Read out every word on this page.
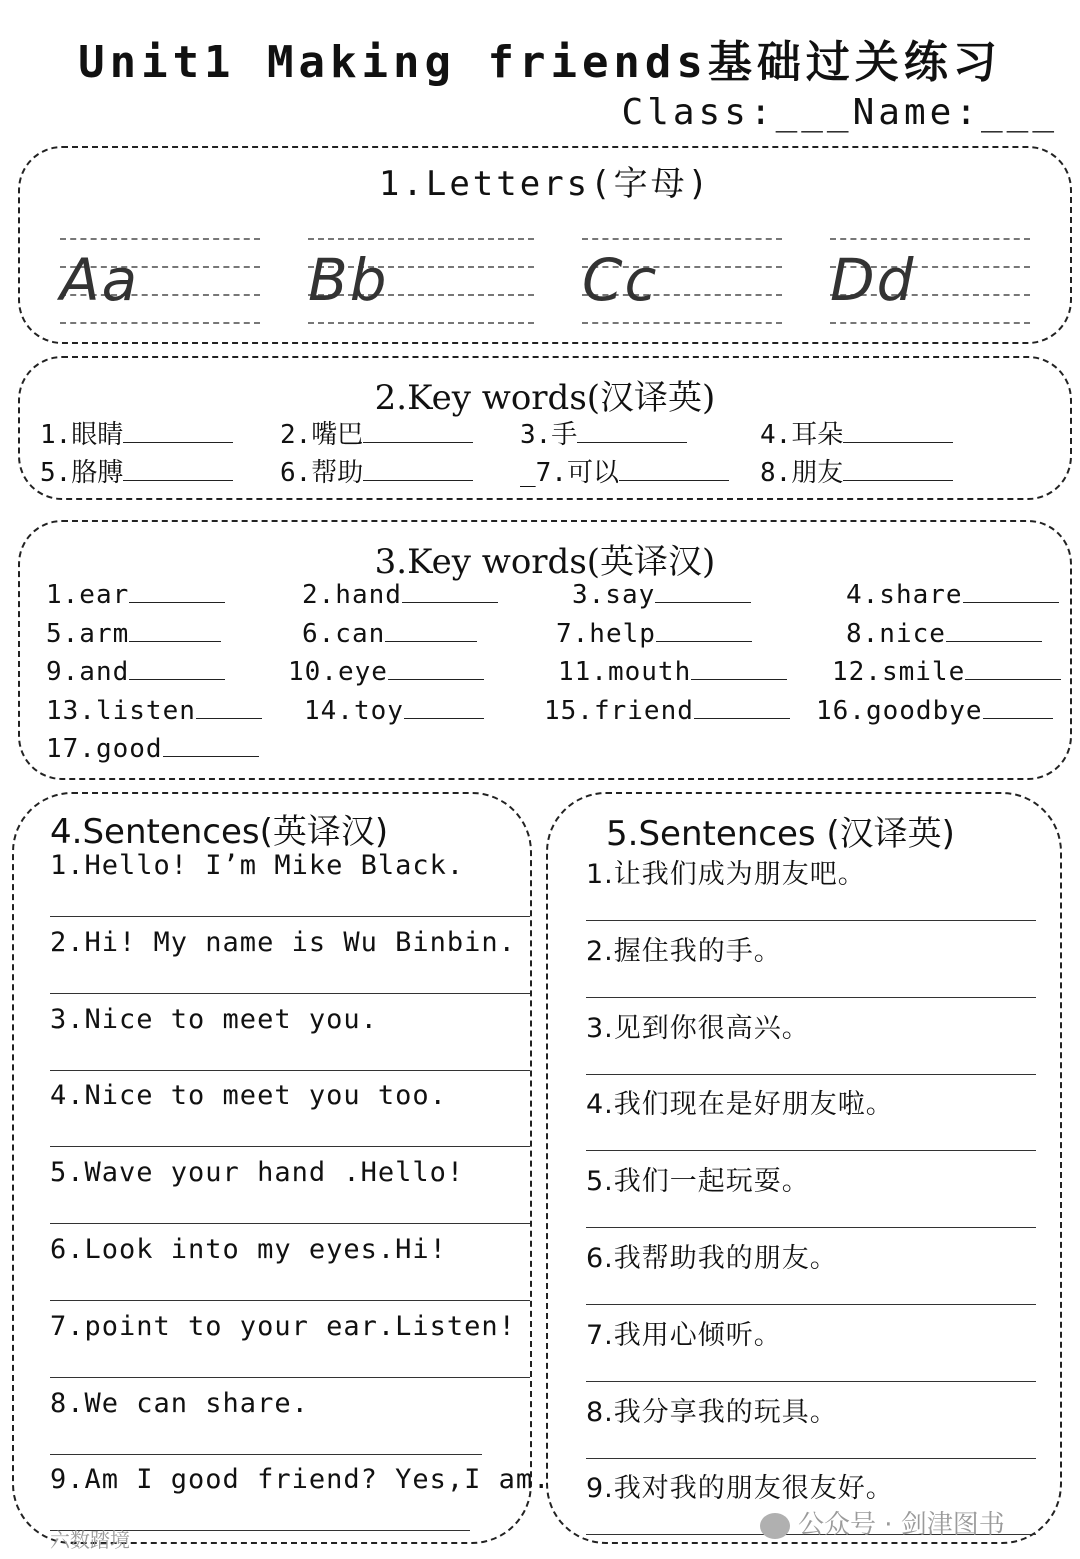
Unit1 Making friends基础过关练习
Class:___Name:___
1.Letters(字母)
Aa	Bb	Cc	Dd
2.Key words(汉译英)
1.眼睛	2.嘴巴	3.手	4.耳朵
5.胳膊	6.帮助	_7.可以	8.朋友
3.Key words(英译汉)
1.ear	2.hand	3.say	4.share
5.arm	6.can	7.help	8.nice
9.and	10.eye	11.mouth	12.smile
13.listen	14.toy	15.friend	16.goodbye
17.good
4.Sentences(英译汉)
1.Hello! I’m Mike Black.
2.Hi! My name is Wu Binbin.
3.Nice to meet you.
4.Nice to meet you too.
5.Wave your hand .Hello!
6.Look into my eyes.Hi!
7.point to your ear.Listen!
8.We can share.
9.Am I good friend? Yes,I am.
5.Sentences (汉译英)
1.让我们成为朋友吧。
2.握住我的手。
3.见到你很高兴。
4.我们现在是好朋友啦。
5.我们一起玩耍。
6.我帮助我的朋友。
7.我用心倾听。
8.我分享我的玩具。
9.我对我的朋友很友好。
六数踏境	公众号 · 剑津图书
